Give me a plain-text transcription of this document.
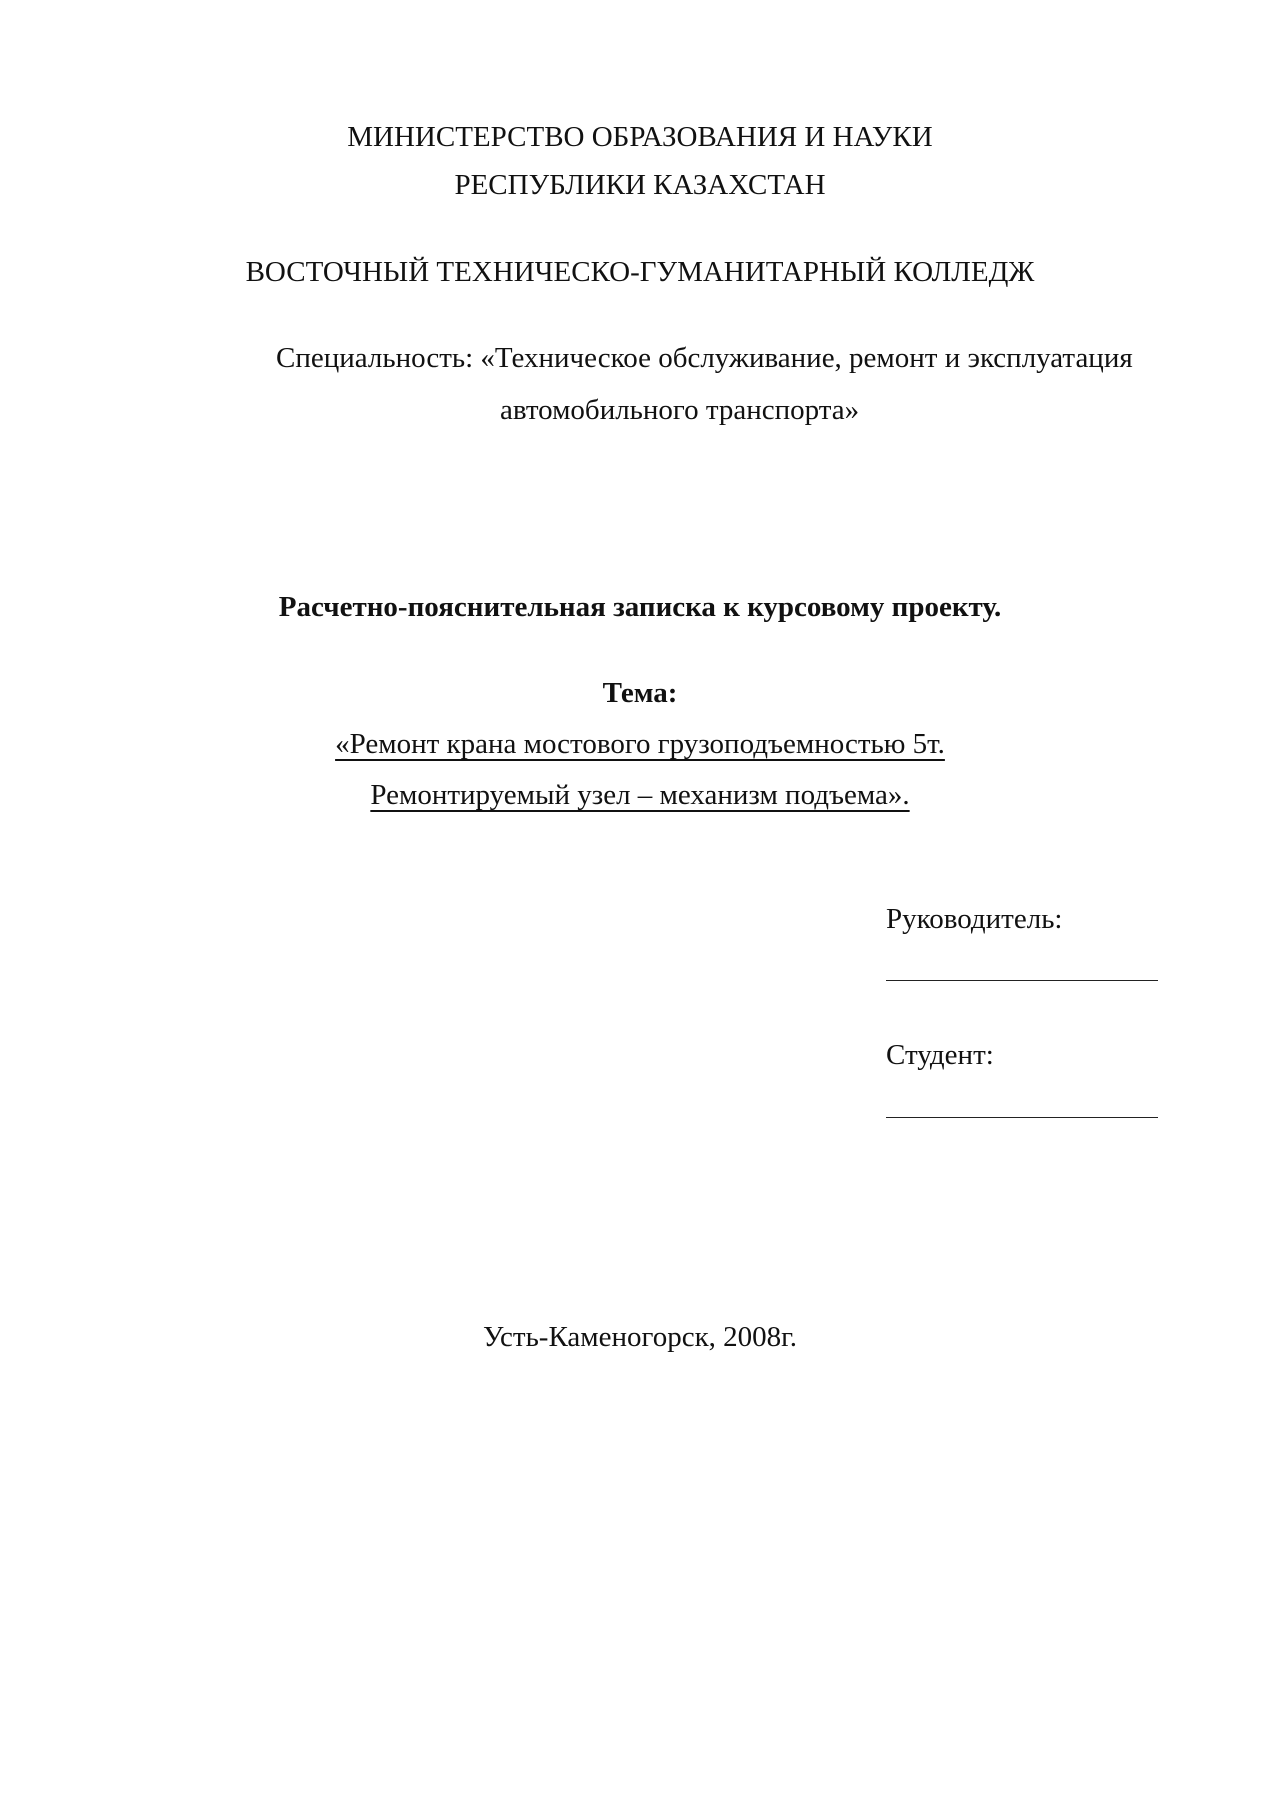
МИНИСТЕРСТВО ОБРАЗОВАНИЯ И НАУКИ
РЕСПУБЛИКИ КАЗАХСТАН
ВОСТОЧНЫЙ ТЕХНИЧЕСКО-ГУМАНИТАРНЫЙ КОЛЛЕДЖ
Специальность: «Техническое обслуживание, ремонт и эксплуатация
автомобильного транспорта»
Расчетно-пояснительная записка к курсовому проекту.
Тема:
«Ремонт крана мостового грузоподъемностью 5т.
Ремонтируемый узел – механизм подъема».
Руководитель:
Студент:
Усть-Каменогорск, 2008г.
